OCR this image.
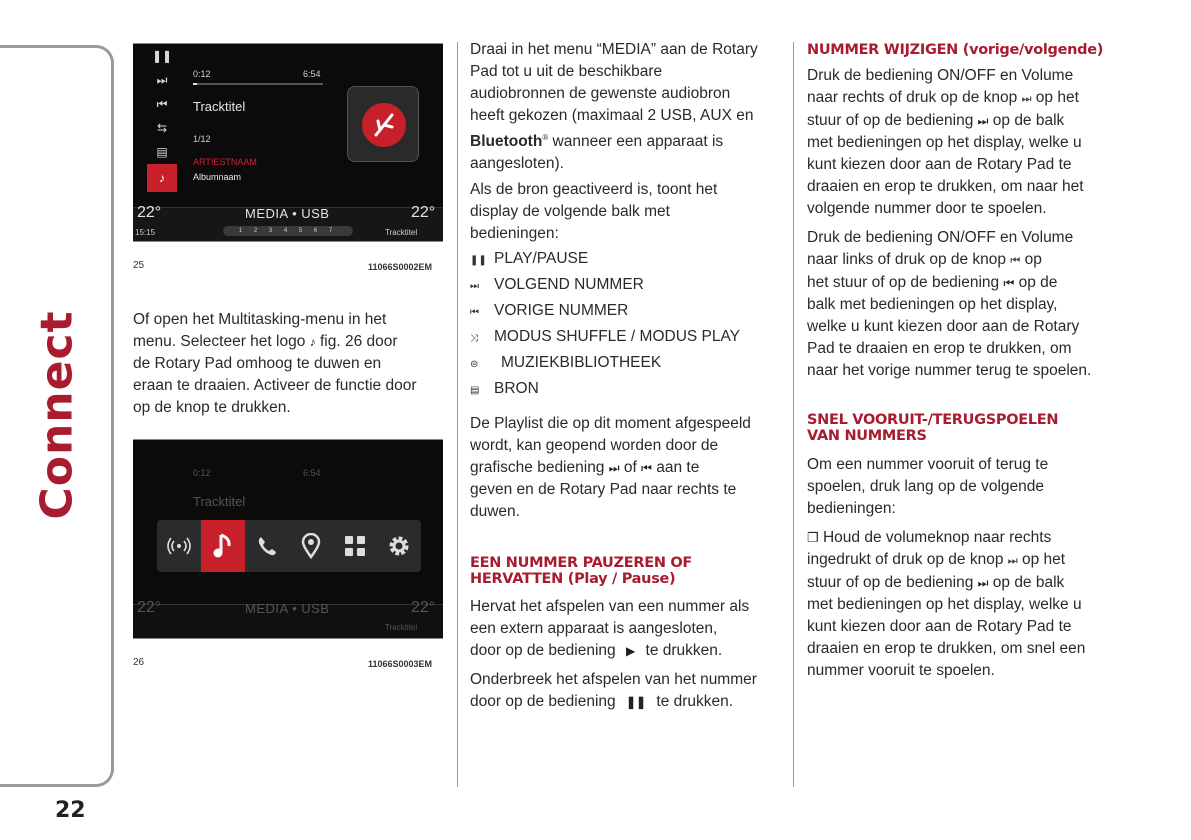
Connect
22
❚❚
⏭
⏮
⇆
▤
♪
0:12	6:54
Tracktitel
1/12
ARTIESTNAAM
Albumnaam
22°	MEDIA • USB	22°
15:15	1 2 3 4 5 6 7	Tracktitel
25	11066S0002EM
Of open het Multitasking-menu in het
menu. Selecteer het logo ♪ fig. 26 door
de Rotary Pad omhoog te duwen en
eraan te draaien. Activeer de functie door
op de knop te drukken.
0:12	6:54
Tracktitel
22°	MEDIA • USB	22°
Tracktitel
26	11066S0003EM
Draai in het menu “MEDIA” aan de Rotary
Pad tot u uit de beschikbare
audiobronnen de gewenste audiobron
heeft gekozen (maximaal 2 USB, AUX en
Bluetooth® wanneer een apparaat is
aangesloten).
Als de bron geactiveerd is, toont het
display de volgende balk met
bedieningen:
❚❚ PLAY/PAUSE
⏭ VOLGEND NUMMER
⏮ VORIGE NUMMER
⤨ MODUS SHUFFLE / MODUS PLAY
⊜ MUZIEKBIBLIOTHEEK
▤ BRON
De Playlist die op dit moment afgespeeld
wordt, kan geopend worden door de
grafische bediening ⏭ of ⏮ aan te
geven en de Rotary Pad naar rechts te
duwen.
EEN NUMMER PAUZEREN OF
HERVATTEN (Play / Pause)
Hervat het afspelen van een nummer als
een extern apparaat is aangesloten,
door op de bediening ▶ te drukken.
Onderbreek het afspelen van het nummer
door op de bediening ❚❚ te drukken.
NUMMER WIJZIGEN (vorige/volgende)
Druk de bediening ON/OFF en Volume
naar rechts of druk op de knop ⏭ op het
stuur of op de bediening ⏭ op de balk
met bedieningen op het display, welke u
kunt kiezen door aan de Rotary Pad te
draaien en erop te drukken, om naar het
volgende nummer door te spoelen.
Druk de bediening ON/OFF en Volume
naar links of druk op de knop ⏮ op
het stuur of op de bediening ⏮ op de
balk met bedieningen op het display,
welke u kunt kiezen door aan de Rotary
Pad te draaien en erop te drukken, om
naar het vorige nummer terug te spoelen.
SNEL VOORUIT-/TERUGSPOELEN
VAN NUMMERS
Om een nummer vooruit of terug te
spoelen, druk lang op de volgende
bedieningen:
❐ Houd de volumeknop naar rechts
ingedrukt of druk op de knop ⏭ op het
stuur of op de bediening ⏭ op de balk
met bedieningen op het display, welke u
kunt kiezen door aan de Rotary Pad te
draaien en erop te drukken, om snel een
nummer vooruit te spoelen.
